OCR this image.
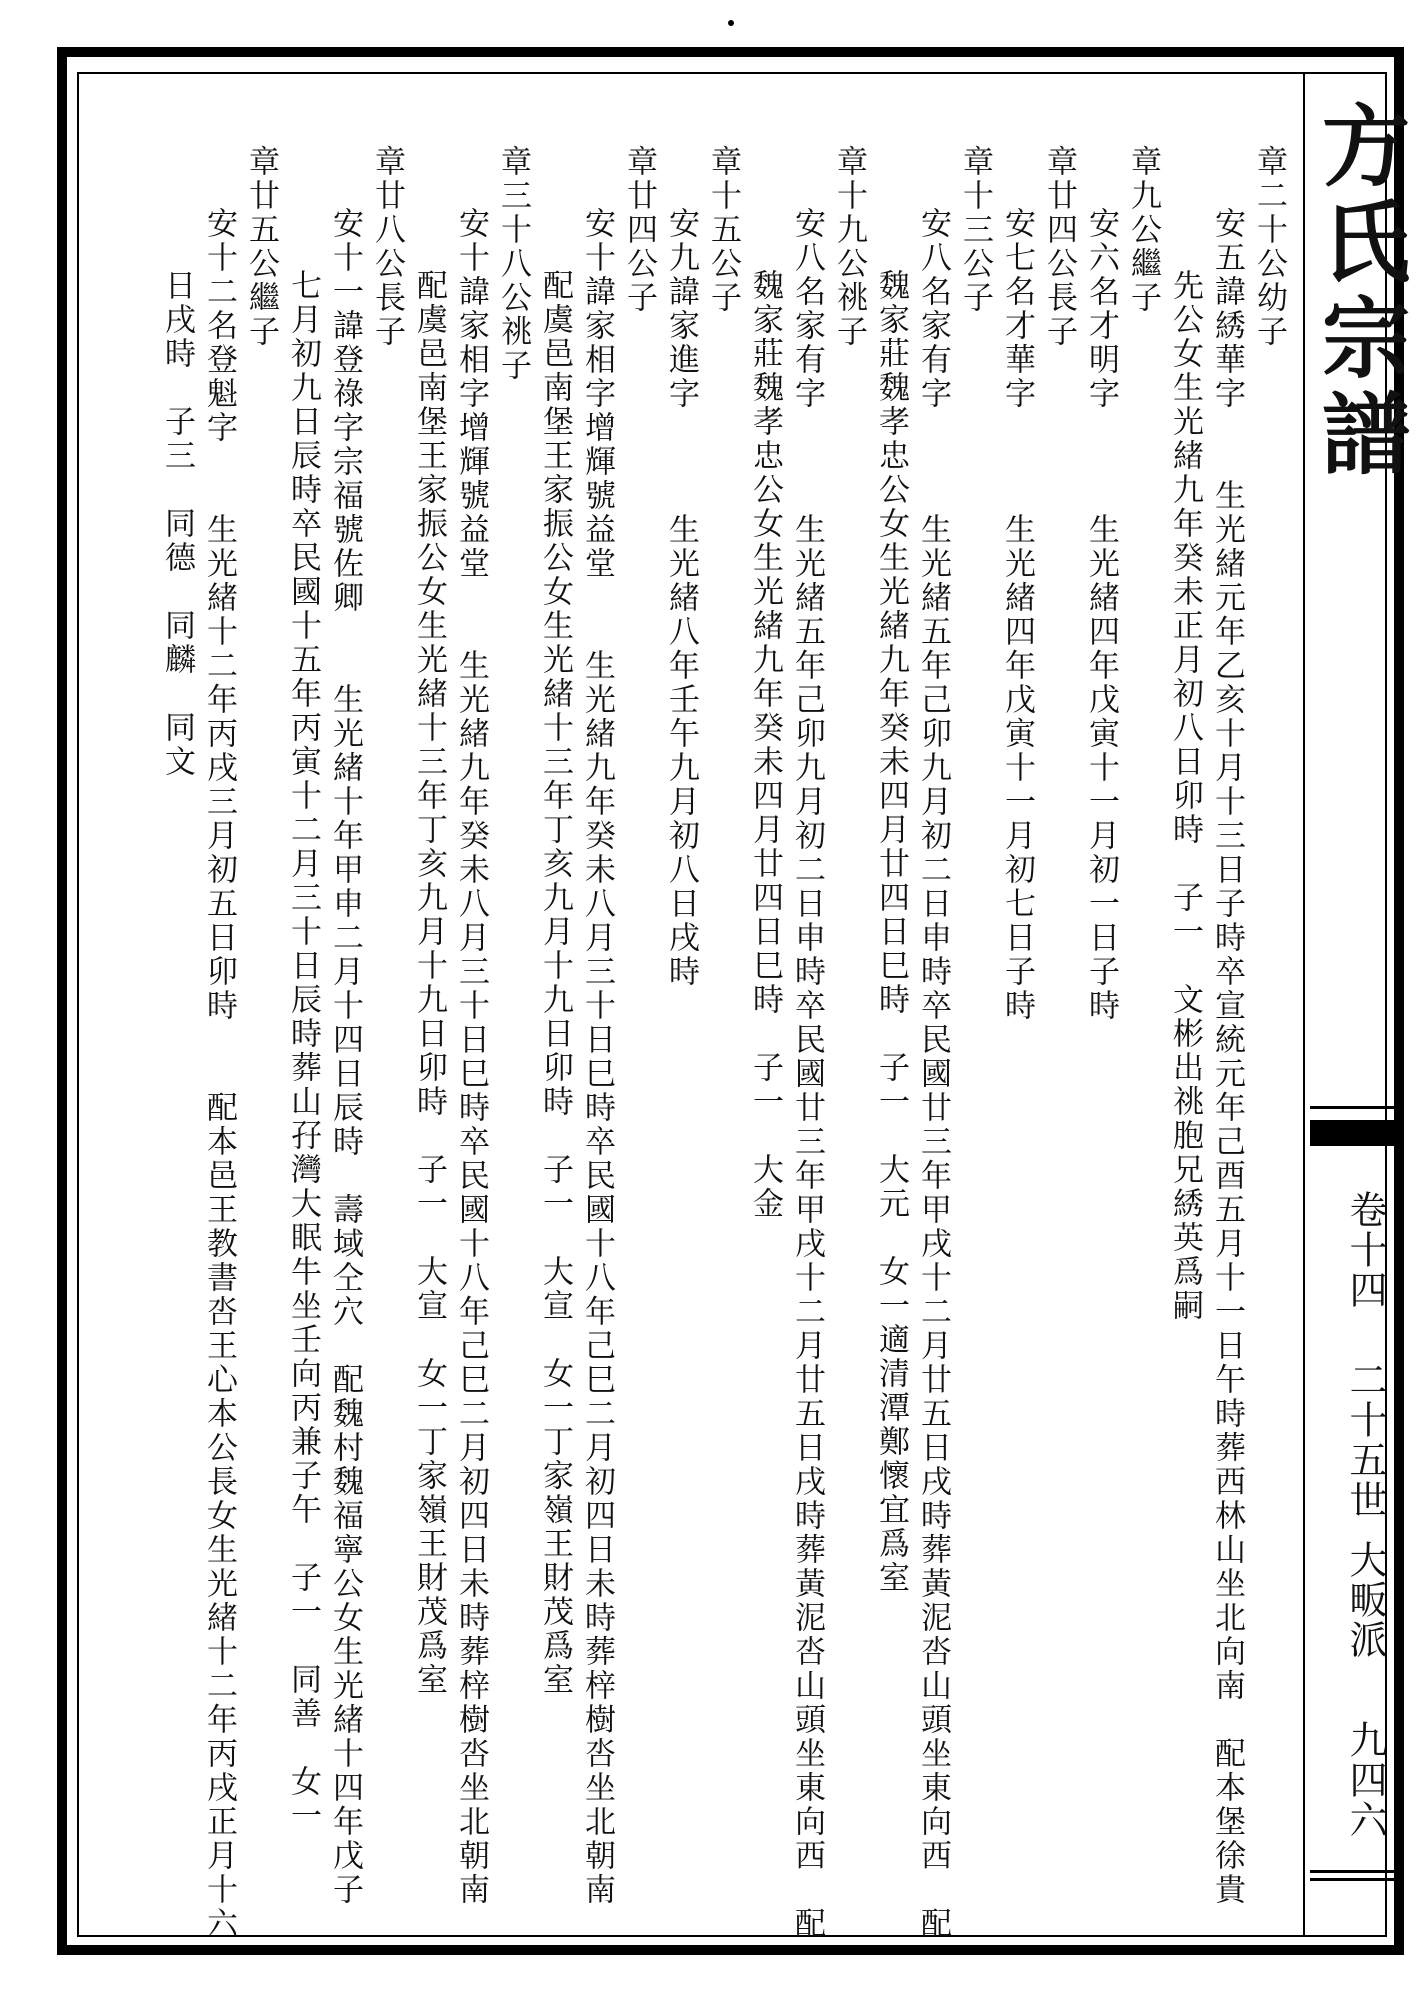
方氏宗譜
卷十四
二十五世
大畈派
九四六
章二十公幼子
安五諱綉華字　　生光緒元年乙亥十月十三日子時卒宣統元年己酉五月十一日午時葬西林山坐北向南　配本堡徐貴
先公女生光緒九年癸未正月初八日卯時　子一　文彬出祧胞兄綉英爲嗣
章九公繼子
安六名才明字　　　生光緒四年戊寅十一月初一日子時
章廿四公長子
安七名才華字　　　生光緒四年戊寅十一月初七日子時
章十三公子
安八名家有字　　　生光緒五年己卯九月初二日申時卒民國廿三年甲戌十二月廿五日戌時葬黃泥呇山頭坐東向西　配
魏家莊魏孝忠公女生光緒九年癸未四月廿四日巳時　子一　大元　女一適清潭鄭懷宜爲室
章十九公祧子
安八名家有字　　　生光緒五年己卯九月初二日申時卒民國廿三年甲戌十二月廿五日戌時葬黃泥呇山頭坐東向西　配
魏家莊魏孝忠公女生光緒九年癸未四月廿四日巳時　子一　大金
章十五公子
安九諱家進字　　　生光緒八年壬午九月初八日戌時
章廿四公子
安十諱家相字增輝號益堂　　生光緒九年癸未八月三十日巳時卒民國十八年己巳二月初四日未時葬梓樹呇坐北朝南
配虞邑南堡王家振公女生光緒十三年丁亥九月十九日卯時　子一　大宣　女一丁家嶺王財茂爲室
章三十八公祧子
安十諱家相字增輝號益堂　　生光緒九年癸未八月三十日巳時卒民國十八年己巳二月初四日未時葬梓樹呇坐北朝南
配虞邑南堡王家振公女生光緒十三年丁亥九月十九日卯時　子一　大宣　女一丁家嶺王財茂爲室
章廿八公長子
安十一諱登祿字宗福號佐卿　　生光緒十年甲申二月十四日辰時　壽域仝穴　配魏村魏福寧公女生光緒十四年戊子
七月初九日辰時卒民國十五年丙寅十二月三十日辰時葬山孖灣大眠牛坐壬向丙兼子午　子一　同善　女一
章廿五公繼子
安十二名登魁字　　生光緒十二年丙戌三月初五日卯時　　配本邑王教書呇王心本公長女生光緒十二年丙戌正月十六
日戌時　子三　同德　同麟　同文
